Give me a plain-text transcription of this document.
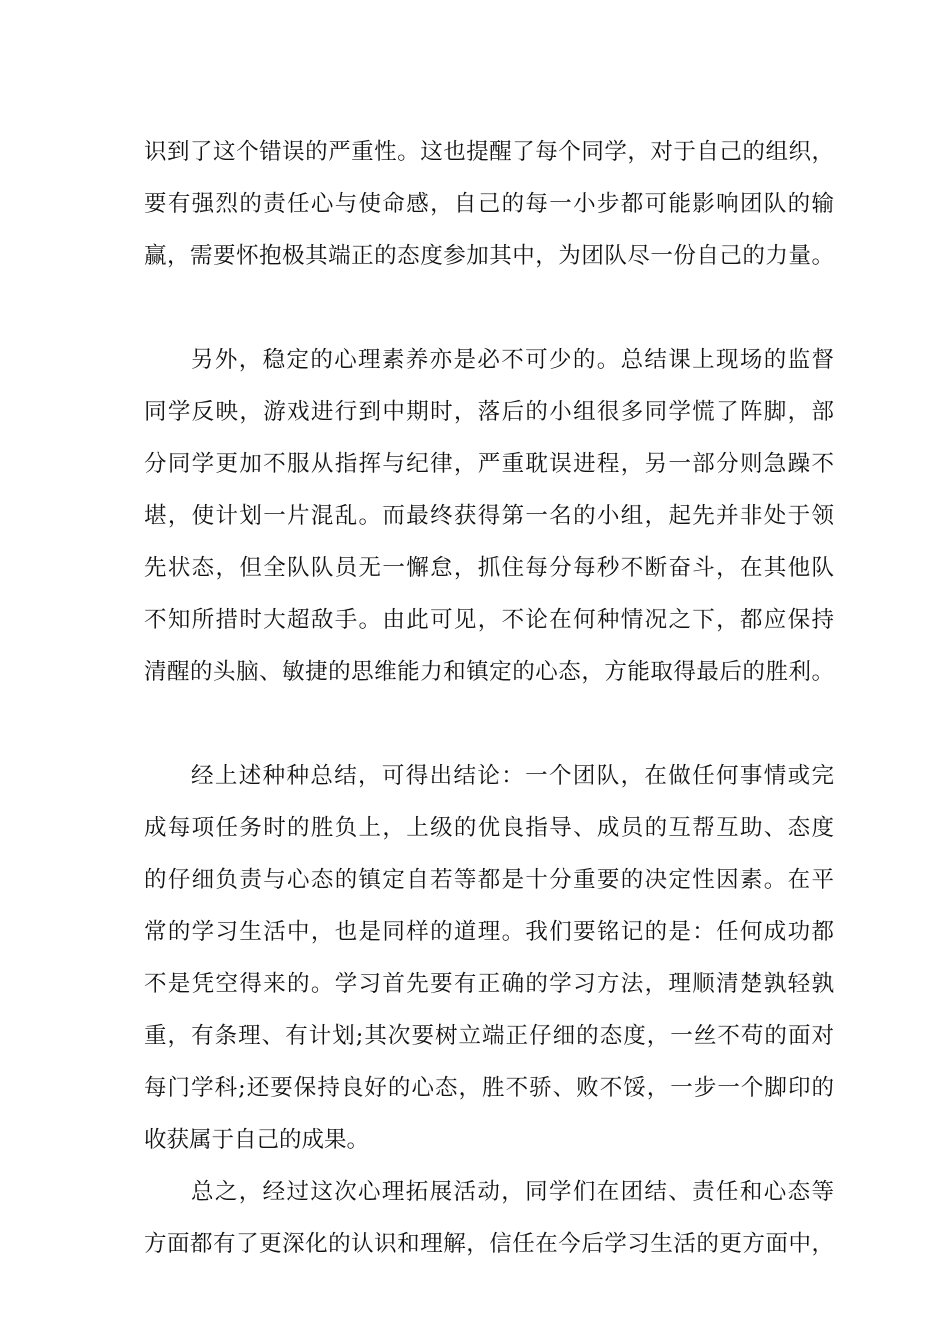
识到了这个错误的严重性。这也提醒了每个同学，对于自己的组织，
要有强烈的责任心与使命感，自己的每一小步都可能影响团队的输
赢，需要怀抱极其端正的态度参加其中，为团队尽一份自己的力量。
另外，稳定的心理素养亦是必不可少的。总结课上现场的监督
同学反映，游戏进行到中期时，落后的小组很多同学慌了阵脚，部
分同学更加不服从指挥与纪律，严重耽误进程，另一部分则急躁不
堪，使计划一片混乱。而最终获得第一名的小组，起先并非处于领
先状态，但全队队员无一懈怠，抓住每分每秒不断奋斗，在其他队
不知所措时大超敌手。由此可见，不论在何种情况之下，都应保持
清醒的头脑、敏捷的思维能力和镇定的心态，方能取得最后的胜利。
经上述种种总结，可得出结论：一个团队，在做任何事情或完
成每项任务时的胜负上，上级的优良指导、成员的互帮互助、态度
的仔细负责与心态的镇定自若等都是十分重要的决定性因素。在平
常的学习生活中，也是同样的道理。我们要铭记的是：任何成功都
不是凭空得来的。学习首先要有正确的学习方法，理顺清楚孰轻孰
重，有条理、有计划;其次要树立端正仔细的态度，一丝不苟的面对
每门学科;还要保持良好的心态，胜不骄、败不馁，一步一个脚印的
收获属于自己的成果。
总之，经过这次心理拓展活动，同学们在团结、责任和心态等
方面都有了更深化的认识和理解，信任在今后学习生活的更方面中，
